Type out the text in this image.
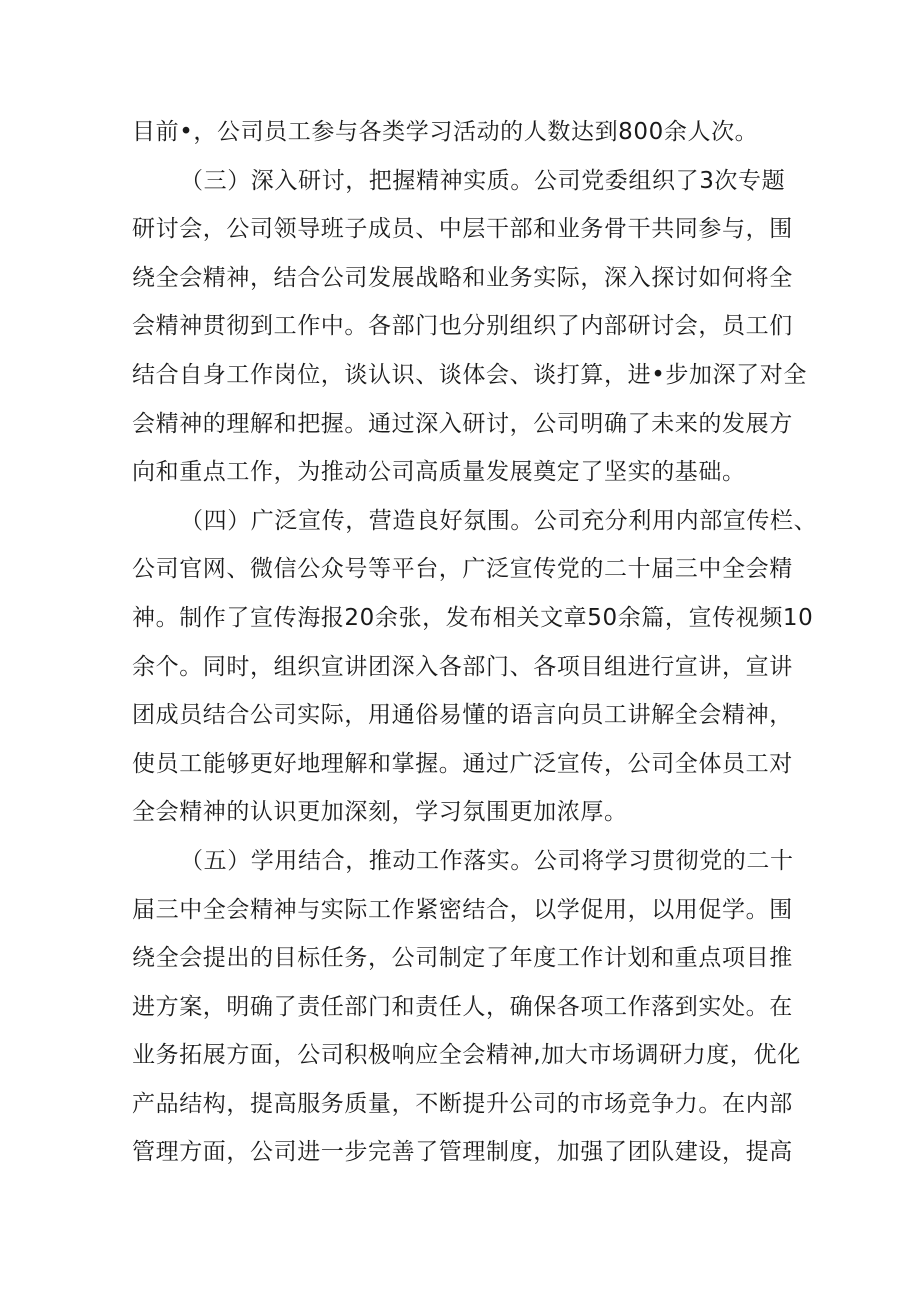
目前•，公司员工参与各类学习活动的人数达到800余人次。

（三）深入研讨，把握精神实质。公司党委组织了3次专题
研讨会，公司领导班子成员、中层干部和业务骨干共同参与，围
绕全会精神，结合公司发展战略和业务实际，深入探讨如何将全
会精神贯彻到工作中。各部门也分别组织了内部研讨会，员工们
结合自身工作岗位，谈认识、谈体会、谈打算，进•步加深了对全
会精神的理解和把握。通过深入研讨，公司明确了未来的发展方
向和重点工作，为推动公司高质量发展奠定了坚实的基础。

（四）广泛宣传，营造良好氛围。公司充分利用内部宣传栏、
公司官网、微信公众号等平台，广泛宣传党的二十届三中全会精
神。制作了宣传海报20余张，发布相关文章50余篇，宣传视频10
余个。同时，组织宣讲团深入各部门、各项目组进行宣讲，宣讲
团成员结合公司实际，用通俗易懂的语言向员工讲解全会精神，
使员工能够更好地理解和掌握。通过广泛宣传，公司全体员工对
全会精神的认识更加深刻，学习氛围更加浓厚。

（五）学用结合，推动工作落实。公司将学习贯彻党的二十
届三中全会精神与实际工作紧密结合，以学促用，以用促学。围
绕全会提出的目标任务，公司制定了年度工作计划和重点项目推
进方案，明确了责任部门和责任人，确保各项工作落到实处。在
业务拓展方面，公司积极响应全会精神,加大市场调研力度，优化
产品结构，提高服务质量，不断提升公司的市场竞争力。在内部
管理方面，公司进一步完善了管理制度，加强了团队建设，提高
